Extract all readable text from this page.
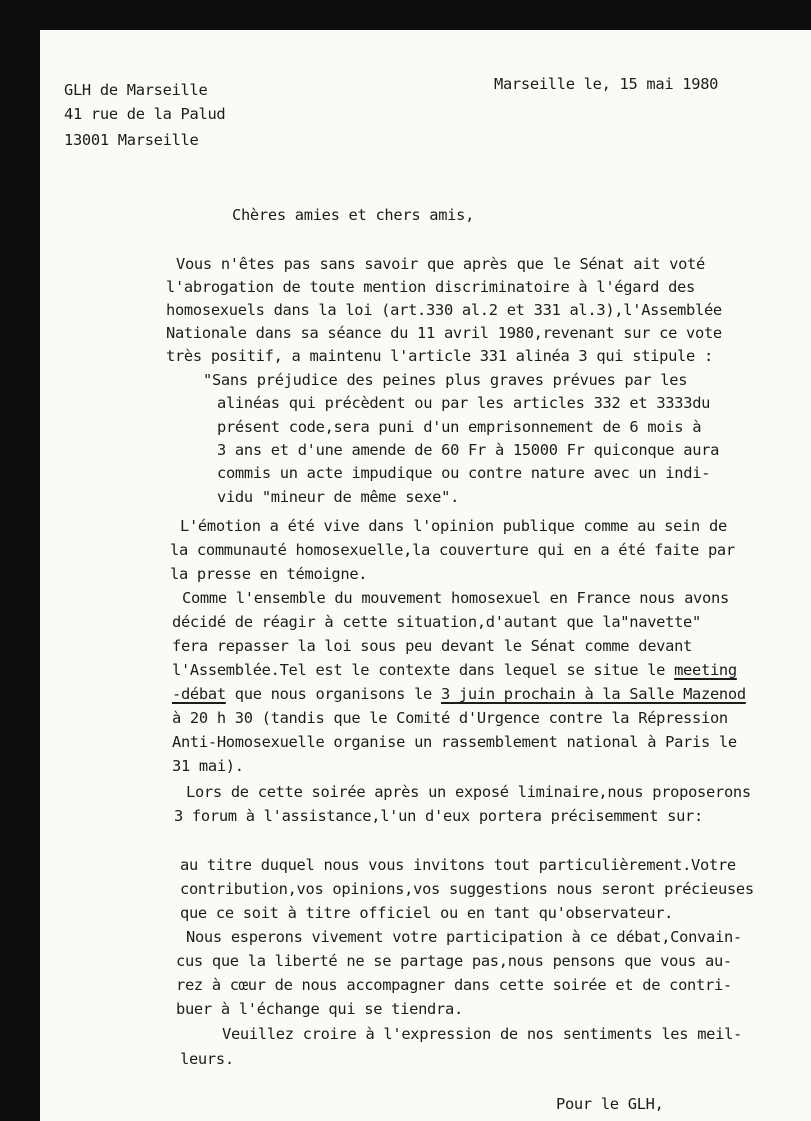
GLH de Marseille

41 rue de la Palud

13001 Marseille

Marseille le, 15 mai 1980

Chères amies et chers amis,

Vous n'êtes pas sans savoir que après que le Sénat ait voté

l'abrogation de toute mention discriminatoire à l'égard des

homosexuels dans la loi (art.330 al.2 et 331 al.3),l'Assemblée

Nationale dans sa séance du 11 avril 1980,revenant sur ce vote

très positif, a maintenu l'article 331 alinéa 3 qui stipule :

"Sans préjudice des peines plus graves prévues par les

alinéas qui précèdent ou par les articles 332 et 3333du

présent code,sera puni d'un emprisonnement de 6 mois à

3 ans et d'une amende de 60 Fr à 15000 Fr quiconque aura

commis un acte impudique ou contre nature avec un indi-

vidu "mineur de même sexe".

L'émotion a été vive dans l'opinion publique comme au sein de

la communauté homosexuelle,la couverture qui en a été faite par

la presse en témoigne.

Comme l'ensemble du mouvement homosexuel en France nous avons

décidé de réagir à cette situation,d'autant que la"navette"

fera repasser la loi sous peu devant le Sénat comme devant

l'Assemblée.Tel est le contexte dans lequel se situe le meeting

-débat que nous organisons le 3 juin prochain à la Salle Mazenod

à 20 h 30 (tandis que le Comité d'Urgence contre la Répression

Anti-Homosexuelle organise un rassemblement national à Paris le

31 mai).

Lors de cette soirée après un exposé liminaire,nous proposerons

3 forum à l'assistance,l'un d'eux portera précisemment sur:

au titre duquel nous vous invitons tout particulièrement.Votre

contribution,vos opinions,vos suggestions nous seront précieuses

que ce soit à titre officiel ou en tant qu'observateur.

Nous esperons vivement votre participation à ce débat,Convain-

cus que la liberté ne se partage pas,nous pensons que vous au-

rez à cœur de nous accompagner dans cette soirée et de contri-

buer à l'échange qui se tiendra.

Veuillez croire à l'expression de nos sentiments les meil-

leurs.

Pour le GLH,
